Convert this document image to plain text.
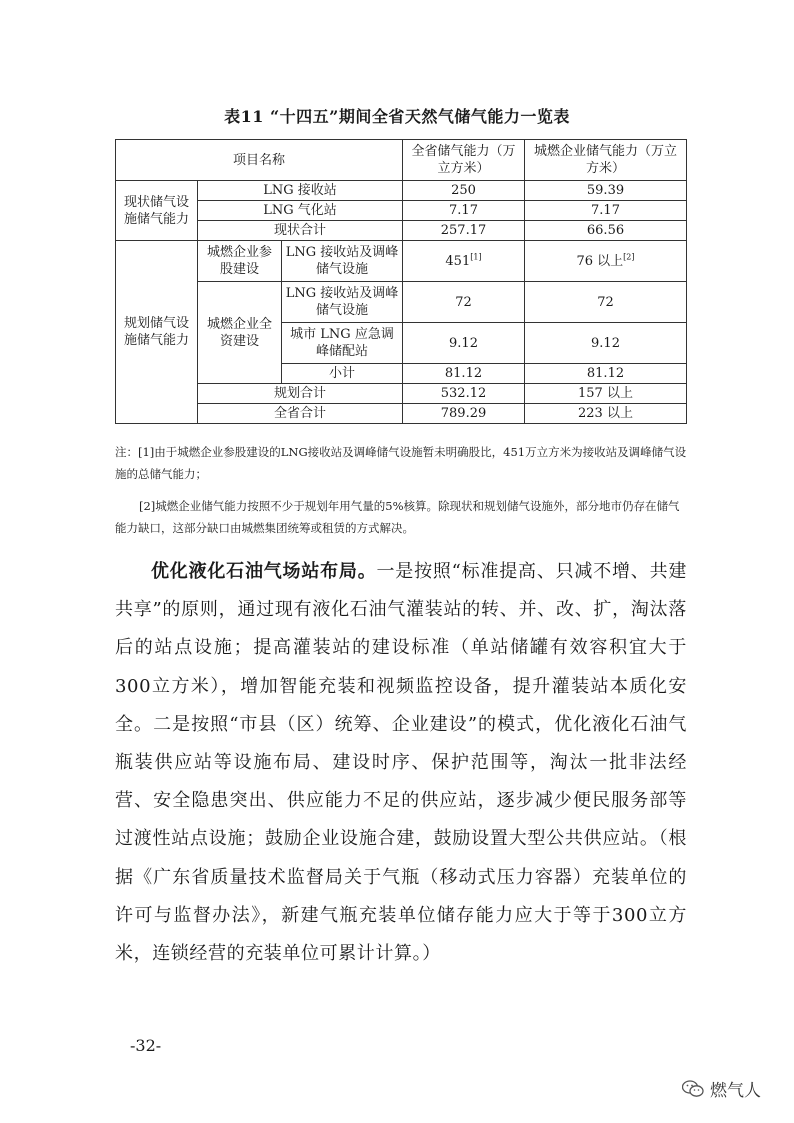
表11 “十四五”期间全省天然气储气能力一览表
项目名称			全省储气能力（万立方米）	城燃企业储气能力（万立方米）
现状储气设施储气能力	LNG 接收站		250	59.39
	LNG 气化站		7.17	7.17
	现状合计		257.17	66.56
规划储气设施储气能力	城燃企业参股建设	LNG 接收站及调峰储气设施	451[1]	76 以上[2]
	城燃企业全资建设	LNG 接收站及调峰储气设施	72	72
		城市 LNG 应急调峰储配站	9.12	9.12
		小计	81.12	81.12
	规划合计		532.12	157 以上
	全省合计		789.29	223 以上
注：[1]由于城燃企业参股建设的LNG接收站及调峰储气设施暂未明确股比，451万立方米为接收站及调峰储气设施的总储气能力；
[2]城燃企业储气能力按照不少于规划年用气量的5%核算。除现状和规划储气设施外，部分地市仍存在储气能力缺口，这部分缺口由城燃集团统筹或租赁的方式解决。
优化液化石油气场站布局。一是按照“标准提高、只减不增、共建共享”的原则，通过现有液化石油气灌装站的转、并、改、扩，淘汰落后的站点设施；提高灌装站的建设标准（单站储罐有效容积宜大于300立方米），增加智能充装和视频监控设备，提升灌装站本质化安全。二是按照“市县（区）统筹、企业建设”的模式，优化液化石油气瓶装供应站等设施布局、建设时序、保护范围等，淘汰一批非法经营、安全隐患突出、供应能力不足的供应站，逐步减少便民服务部等过渡性站点设施；鼓励企业设施合建，鼓励设置大型公共供应站。（根据《广东省质量技术监督局关于气瓶（移动式压力容器）充装单位的许可与监督办法》，新建气瓶充装单位储存能力应大于等于300立方米，连锁经营的充装单位可累计计算。）
-32-
燃气人
